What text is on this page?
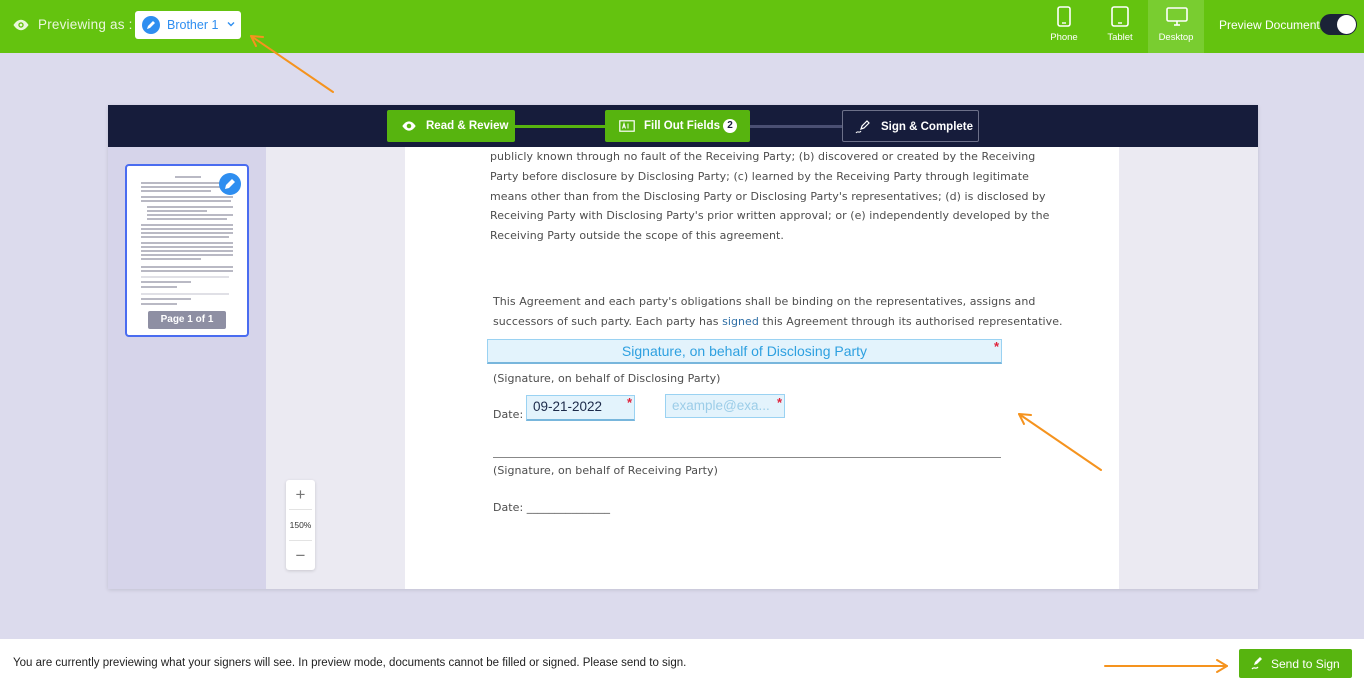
Previewing as :	Brother 1
Phone	Tablet	Desktop
Preview Document
Read & Review	Fill Out Fields 2	Sign & Complete
Page 1 of 1
publicly known through no fault of the Receiving Party; (b) discovered or created by the Receiving
Party before disclosure by Disclosing Party; (c) learned by the Receiving Party through legitimate
means other than from the Disclosing Party or Disclosing Party's representatives; (d) is disclosed by
Receiving Party with Disclosing Party's prior written approval; or (e) independently developed by the
Receiving Party outside the scope of this agreement.
This Agreement and each party's obligations shall be binding on the representatives, assigns and
successors of such party. Each party has signed this Agreement through its authorised representative.
Signature, on behalf of Disclosing Party	*
(Signature, on behalf of Disclosing Party)
Date:
09-21-2022	*	example@exa... *
(Signature, on behalf of Receiving Party)
Date: _______________
+
150%
−
You are currently previewing what your signers will see. In preview mode, documents cannot be filled or signed. Please send to sign.	Send to Sign
